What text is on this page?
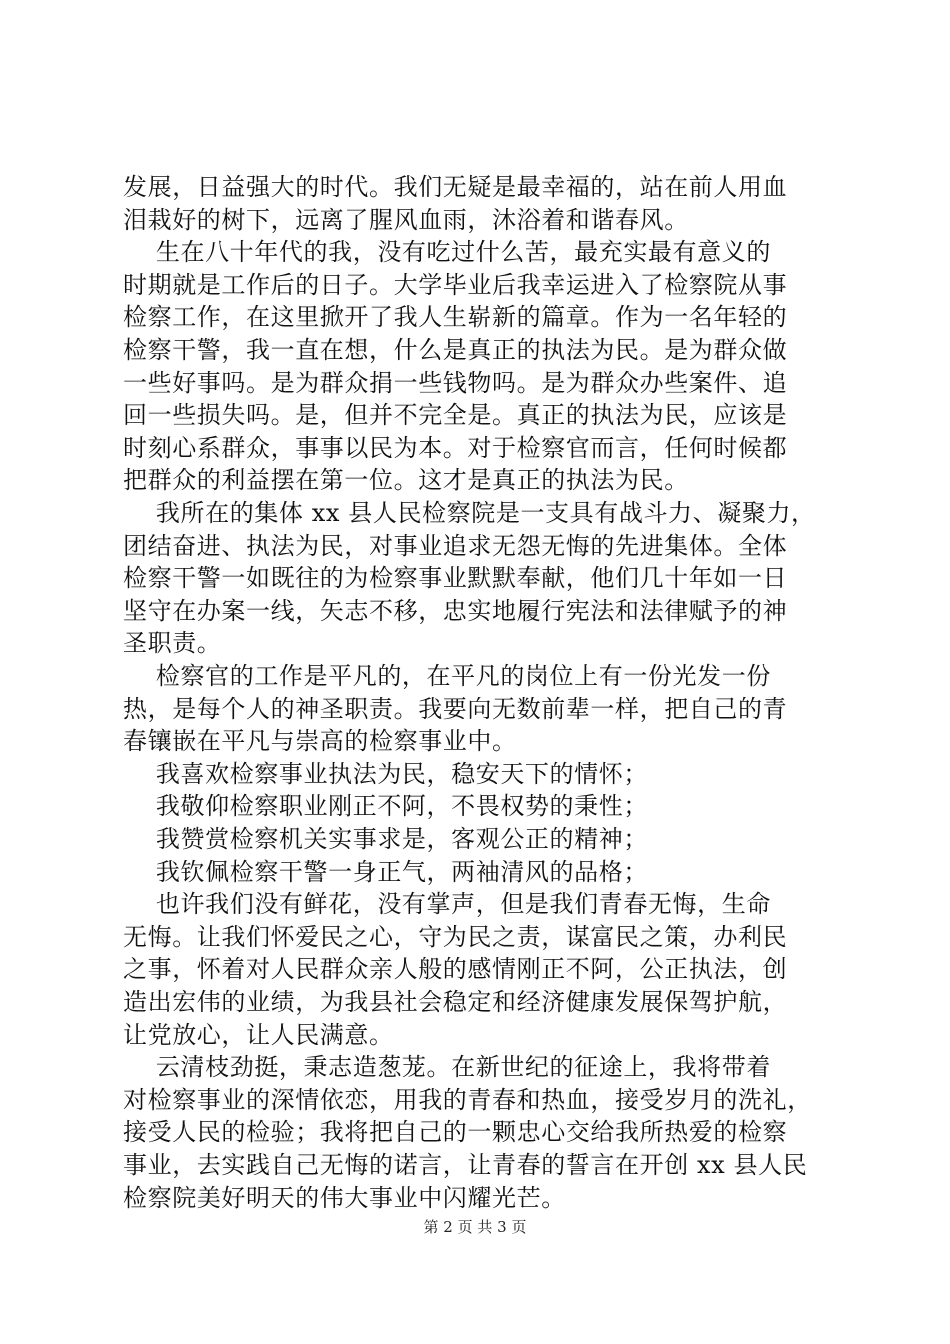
发展，日益强大的时代。我们无疑是最幸福的，站在前人用血
泪栽好的树下，远离了腥风血雨，沐浴着和谐春风。
生在八十年代的我，没有吃过什么苦，最充实最有意义的
时期就是工作后的日子。大学毕业后我幸运进入了检察院从事
检察工作，在这里掀开了我人生崭新的篇章。作为一名年轻的
检察干警，我一直在想，什么是真正的执法为民。是为群众做
一些好事吗。是为群众捐一些钱物吗。是为群众办些案件、追
回一些损失吗。是，但并不完全是。真正的执法为民，应该是
时刻心系群众，事事以民为本。对于检察官而言，任何时候都
把群众的利益摆在第一位。这才是真正的执法为民。
我所在的集体 xx 县人民检察院是一支具有战斗力、凝聚力，
团结奋进、执法为民，对事业追求无怨无悔的先进集体。全体
检察干警一如既往的为检察事业默默奉献，他们几十年如一日
坚守在办案一线，矢志不移，忠实地履行宪法和法律赋予的神
圣职责。
检察官的工作是平凡的，在平凡的岗位上有一份光发一份
热，是每个人的神圣职责。我要向无数前辈一样，把自己的青
春镶嵌在平凡与崇高的检察事业中。
我喜欢检察事业执法为民，稳安天下的情怀；
我敬仰检察职业刚正不阿，不畏权势的秉性；
我赞赏检察机关实事求是，客观公正的精神；
我钦佩检察干警一身正气，两袖清风的品格；
也许我们没有鲜花，没有掌声，但是我们青春无悔，生命
无悔。让我们怀爱民之心，守为民之责，谋富民之策，办利民
之事，怀着对人民群众亲人般的感情刚正不阿，公正执法，创
造出宏伟的业绩，为我县社会稳定和经济健康发展保驾护航，
让党放心，让人民满意。
云清枝劲挺，秉志造葱茏。在新世纪的征途上，我将带着
对检察事业的深情依恋，用我的青春和热血，接受岁月的洗礼，
接受人民的检验；我将把自己的一颗忠心交给我所热爱的检察
事业，去实践自己无悔的诺言，让青春的誓言在开创 xx 县人民
检察院美好明天的伟大事业中闪耀光芒。
第 2 页 共 3 页
